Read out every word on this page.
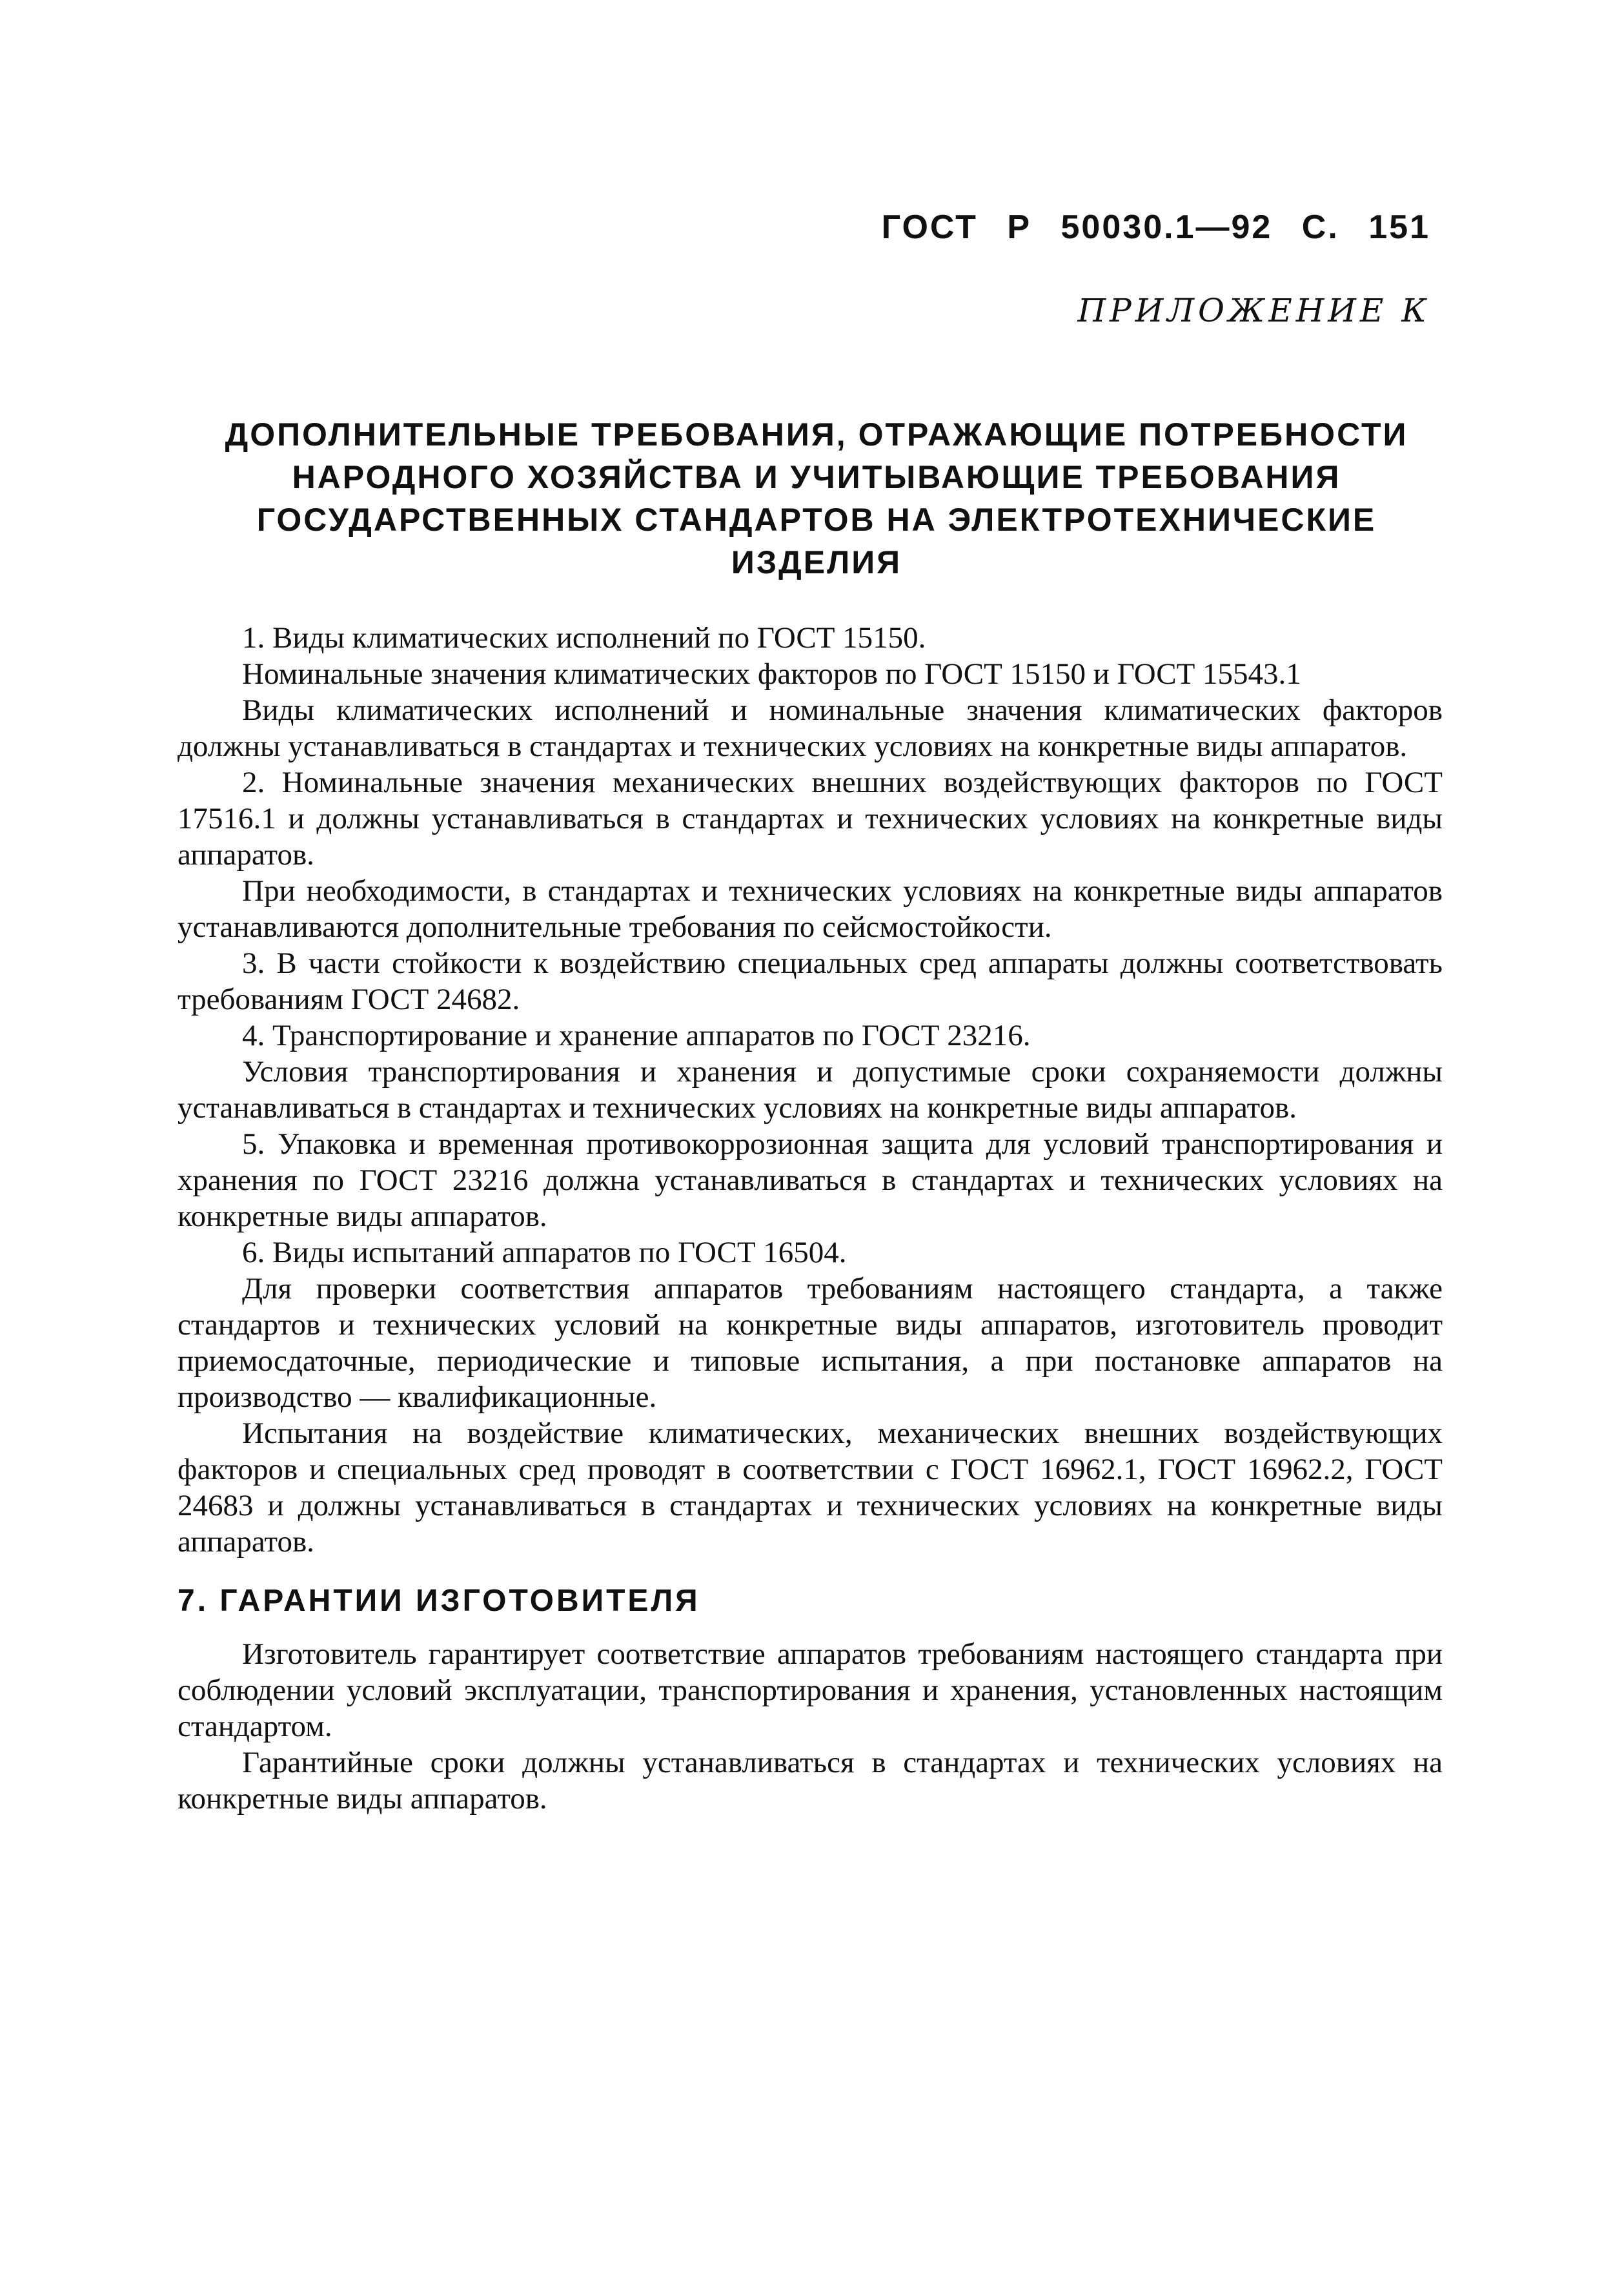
ГОСТ Р 50030.1—92 С. 151
ПРИЛОЖЕНИЕ К
ДОПОЛНИТЕЛЬНЫЕ ТРЕБОВАНИЯ, ОТРАЖАЮЩИЕ ПОТРЕБНОСТИ НАРОДНОГО ХОЗЯЙСТВА И УЧИТЫВАЮЩИЕ ТРЕБОВАНИЯ ГОСУДАРСТВЕННЫХ СТАНДАРТОВ НА ЭЛЕКТРОТЕХНИЧЕСКИЕ ИЗДЕЛИЯ

1. Виды климатических исполнений по ГОСТ 15150.

Номинальные значения климатических факторов по ГОСТ 15150 и ГОСТ 15543.1

Виды климатических исполнений и номинальные значения климатических факторов должны устанавливаться в стандартах и технических условиях на конкретные виды аппаратов.

2. Номинальные значения механических внешних воздействующих факторов по ГОСТ 17516.1 и должны устанавливаться в стандартах и технических условиях на конкретные виды аппаратов.

При необходимости, в стандартах и технических условиях на конкретные виды аппаратов устанавливаются дополнительные требования по сейсмостойкости.

3. В части стойкости к воздействию специальных сред аппараты должны соответствовать требованиям ГОСТ 24682.

4. Транспортирование и хранение аппаратов по ГОСТ 23216.

Условия транспортирования и хранения и допустимые сроки сохраняемости должны устанавливаться в стандартах и технических условиях на конкретные виды аппаратов.

5. Упаковка и временная противокоррозионная защита для условий транспортирования и хранения по ГОСТ 23216 должна устанавливаться в стандартах и технических условиях на конкретные виды аппаратов.

6. Виды испытаний аппаратов по ГОСТ 16504.

Для проверки соответствия аппаратов требованиям настоящего стандарта, а также стандартов и технических условий на конкретные виды аппаратов, изготовитель проводит приемосдаточные, периодические и типовые испытания, а при постановке аппаратов на производство — квалификационные.

Испытания на воздействие климатических, механических внешних воздействующих факторов и специальных сред проводят в соответствии с ГОСТ 16962.1, ГОСТ 16962.2, ГОСТ 24683 и должны устанавливаться в стандартах и технических условиях на конкретные виды аппаратов.

7. ГАРАНТИИ ИЗГОТОВИТЕЛЯ

Изготовитель гарантирует соответствие аппаратов требованиям настоящего стандарта при соблюдении условий эксплуатации, транспортирования и хранения, установленных настоящим стандартом.

Гарантийные сроки должны устанавливаться в стандартах и технических условиях на конкретные виды аппаратов.
